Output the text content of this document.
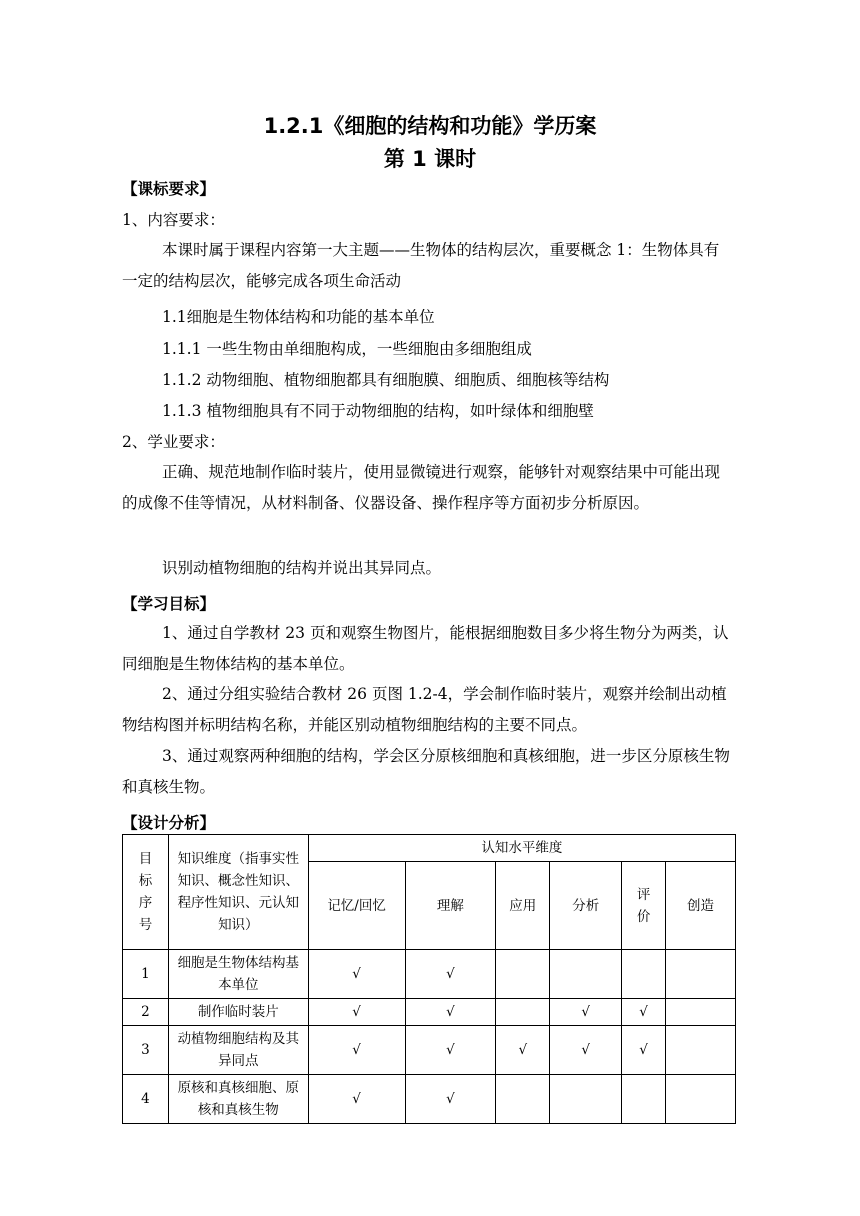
1.2.1《细胞的结构和功能》学历案
第 1 课时
【课标要求】
1、内容要求：
本课时属于课程内容第一大主题——生物体的结构层次，重要概念 1：生物体具有一定的结构层次，能够完成各项生命活动
1.1细胞是生物体结构和功能的基本单位
1.1.1 一些生物由单细胞构成，一些细胞由多细胞组成
1.1.2 动物细胞、植物细胞都具有细胞膜、细胞质、细胞核等结构
1.1.3 植物细胞具有不同于动物细胞的结构，如叶绿体和细胞壁
2、学业要求：
正确、规范地制作临时装片，使用显微镜进行观察，能够针对观察结果中可能出现的成像不佳等情况，从材料制备、仪器设备、操作程序等方面初步分析原因。
识别动植物细胞的结构并说出其异同点。
【学习目标】
1、通过自学教材 23 页和观察生物图片，能根据细胞数目多少将生物分为两类，认同细胞是生物体结构的基本单位。
2、通过分组实验结合教材 26 页图 1.2-4，学会制作临时装片，观察并绘制出动植物结构图并标明结构名称，并能区别动植物细胞结构的主要不同点。
3、通过观察两种细胞的结构，学会区分原核细胞和真核细胞，进一步区分原核生物和真核生物。
【设计分析】
目标序号	知识维度（指事实性知识、概念性知识、程序性知识、元认知知识）	认知水平维度					
		记忆/回忆	理解	应用	分析	评价	创造
1	细胞是生物体结构基本单位	√	√				
2	制作临时装片	√	√		√	√	
3	动植物细胞结构及其异同点	√	√	√	√	√	
4	原核和真核细胞、原核和真核生物	√	√				
